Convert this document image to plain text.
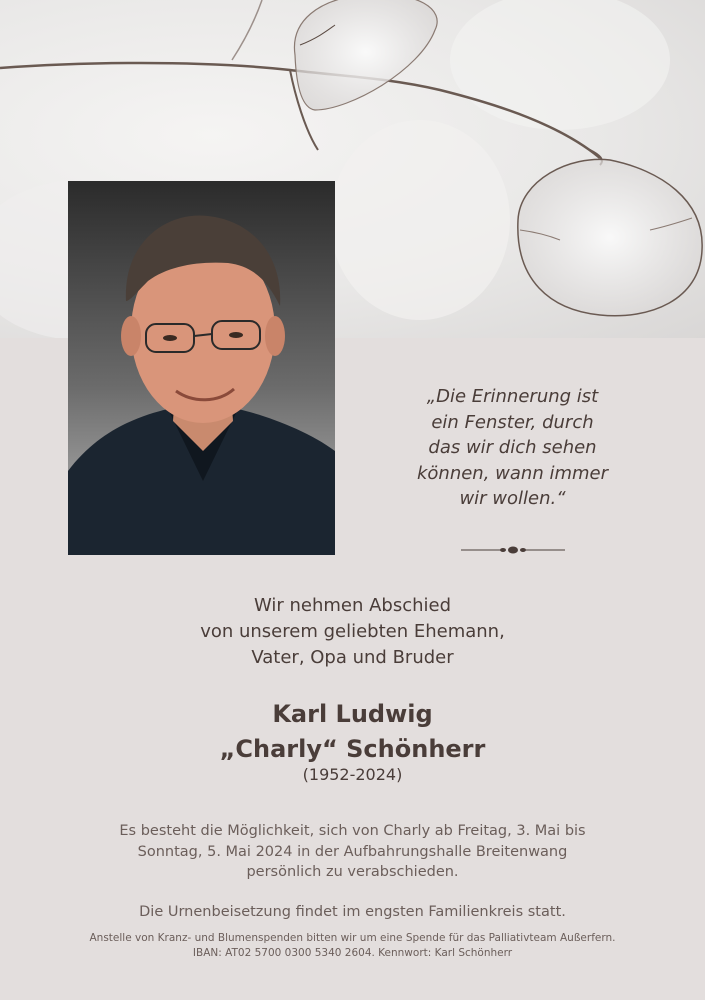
„Die Erinnerung ist
ein Fenster, durch
das wir dich sehen
können, wann immer
wir wollen.“
Wir nehmen Abschied
von unserem geliebten Ehemann,
Vater, Opa und Bruder
Karl Ludwig
„Charly“ Schönherr
(1952-2024)
Es besteht die Möglichkeit, sich von Charly ab Freitag, 3. Mai bis
Sonntag, 5. Mai 2024 in der Aufbahrungshalle Breitenwang
persönlich zu verabschieden.
Die Urnenbeisetzung findet im engsten Familienkreis statt.
Anstelle von Kranz- und Blumenspenden bitten wir um eine Spende für das Palliativteam Außerfern.
IBAN: AT02 5700 0300 5340 2604. Kennwort: Karl Schönherr
